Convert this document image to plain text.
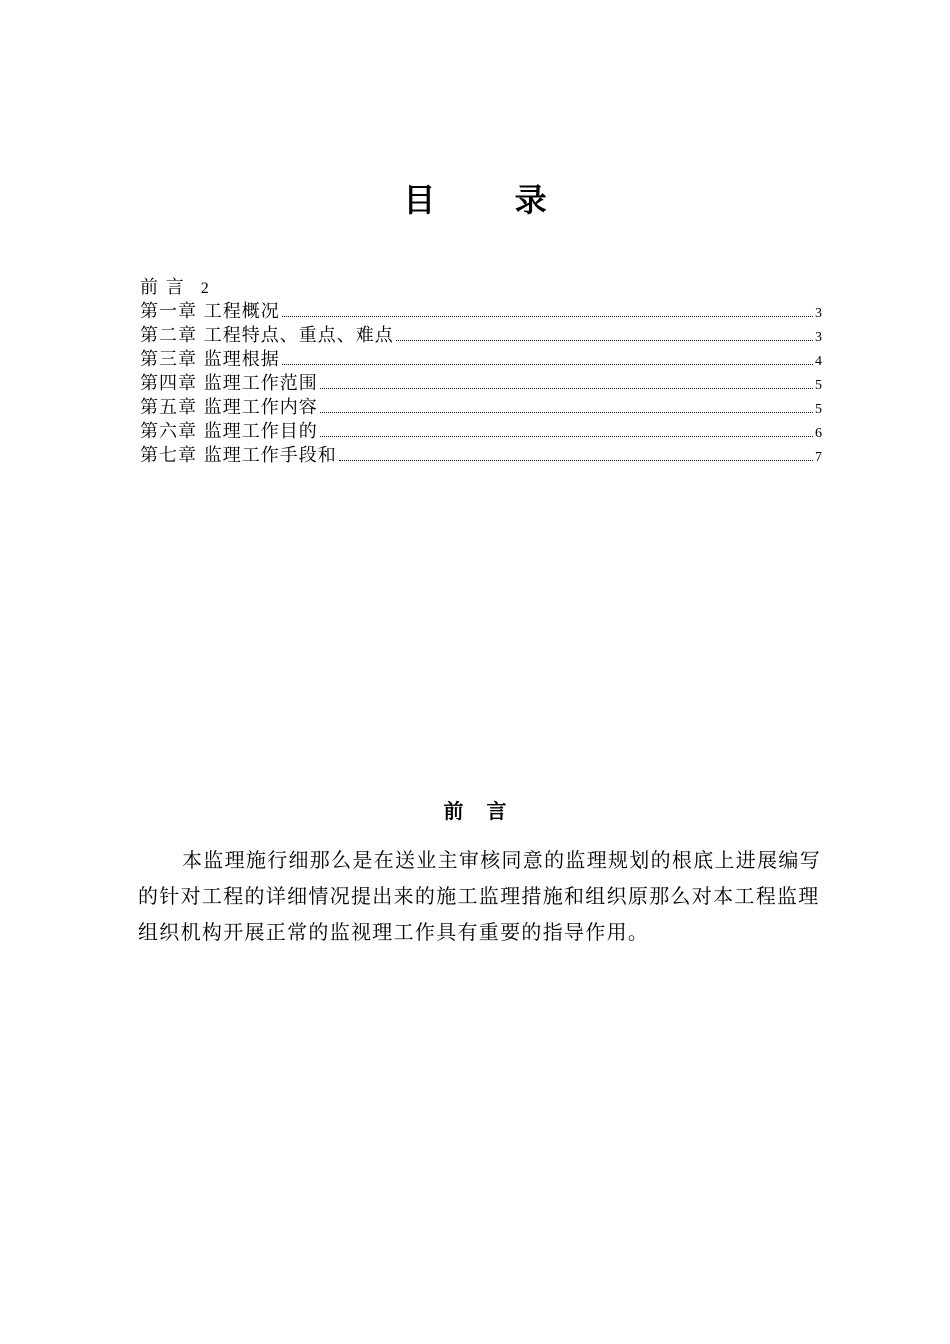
目 录
前 言 2
第一章 工程概况	3
第二章 工程特点、重点、难点	3
第三章 监理根据	4
第四章 监理工作范围	5
第五章 监理工作内容	5
第六章 监理工作目的	6
第七章 监理工作手段和	7
前 言

本监理施行细那么是在送业主审核同意的监理规划的根底上进展编写的针对工程的详细情况提出来的施工监理措施和组织原那么对本工程监理组织机构开展正常的监视理工作具有重要的指导作用。
